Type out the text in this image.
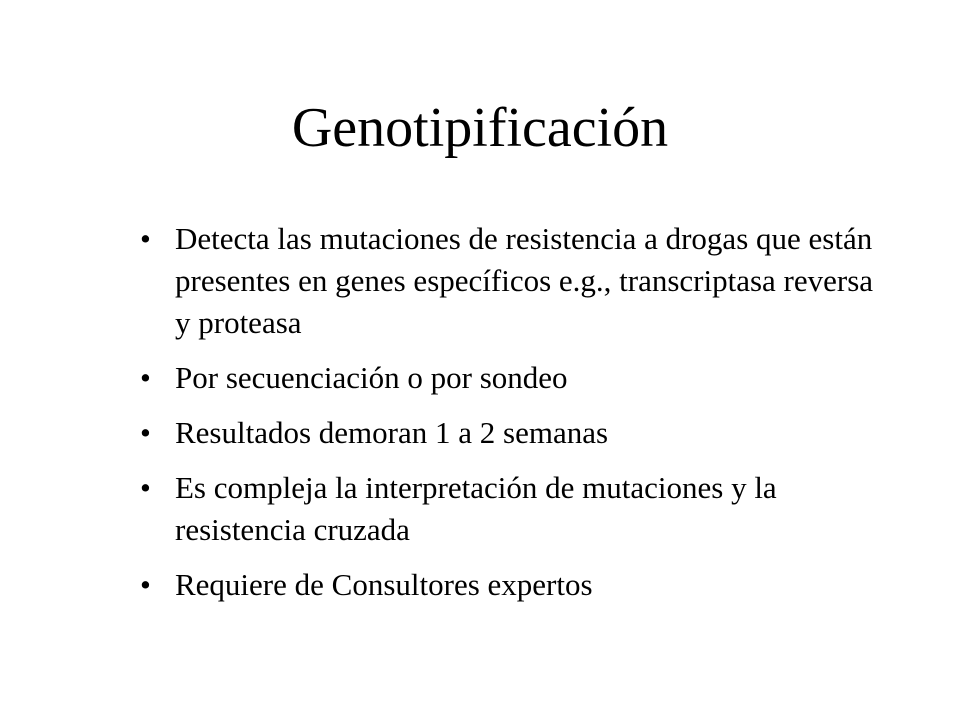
Genotipificación
• Detecta las mutaciones de resistencia a drogas que están presentes en genes específicos e.g., transcriptasa reversa y proteasa
• Por secuenciación o por sondeo
• Resultados demoran 1 a 2 semanas
• Es compleja la interpretación de mutaciones y la resistencia cruzada
• Requiere de Consultores expertos
